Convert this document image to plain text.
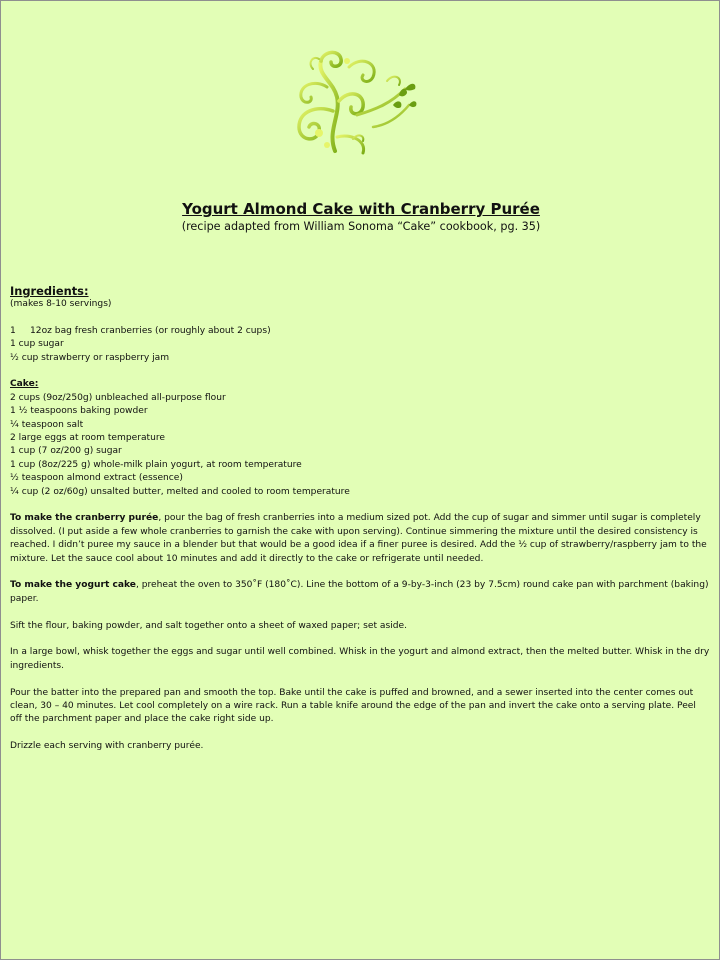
Yogurt Almond Cake with Cranberry Purée
(recipe adapted from William Sonoma “Cake” cookbook, pg. 35)

Ingredients:

(makes 8-10 servings)

1 12oz bag fresh cranberries (or roughly about 2 cups)

1 cup sugar

½ cup strawberry or raspberry jam

Cake:

2 cups (9oz/250g) unbleached all-purpose flour

1 ½ teaspoons baking powder

¼ teaspoon salt

2 large eggs at room temperature

1 cup (7 oz/200 g) sugar

1 cup (8oz/225 g) whole-milk plain yogurt, at room temperature

½ teaspoon almond extract (essence)

¼ cup (2 oz/60g) unsalted butter, melted and cooled to room temperature

To make the cranberry purée, pour the bag of fresh cranberries into a medium sized pot. Add the cup of sugar and simmer until sugar is completely dissolved. (I put aside a few whole cranberries to garnish the cake with upon serving). Continue simmering the mixture until the desired consistency is reached. I didn’t puree my sauce in a blender but that would be a good idea if a finer puree is desired. Add the ½ cup of strawberry/raspberry jam to the mixture. Let the sauce cool about 10 minutes and add it directly to the cake or refrigerate until needed.

To make the yogurt cake, preheat the oven to 350˚F (180˚C). Line the bottom of a 9-by-3-inch (23 by 7.5cm) round cake pan with parchment (baking) paper.

Sift the flour, baking powder, and salt together onto a sheet of waxed paper; set aside.

In a large bowl, whisk together the eggs and sugar until well combined. Whisk in the yogurt and almond extract, then the melted butter. Whisk in the dry ingredients.

Pour the batter into the prepared pan and smooth the top. Bake until the cake is puffed and browned, and a sewer inserted into the center comes out clean, 30 – 40 minutes. Let cool completely on a wire rack. Run a table knife around the edge of the pan and invert the cake onto a serving plate. Peel off the parchment paper and place the cake right side up.

Drizzle each serving with cranberry purée.
